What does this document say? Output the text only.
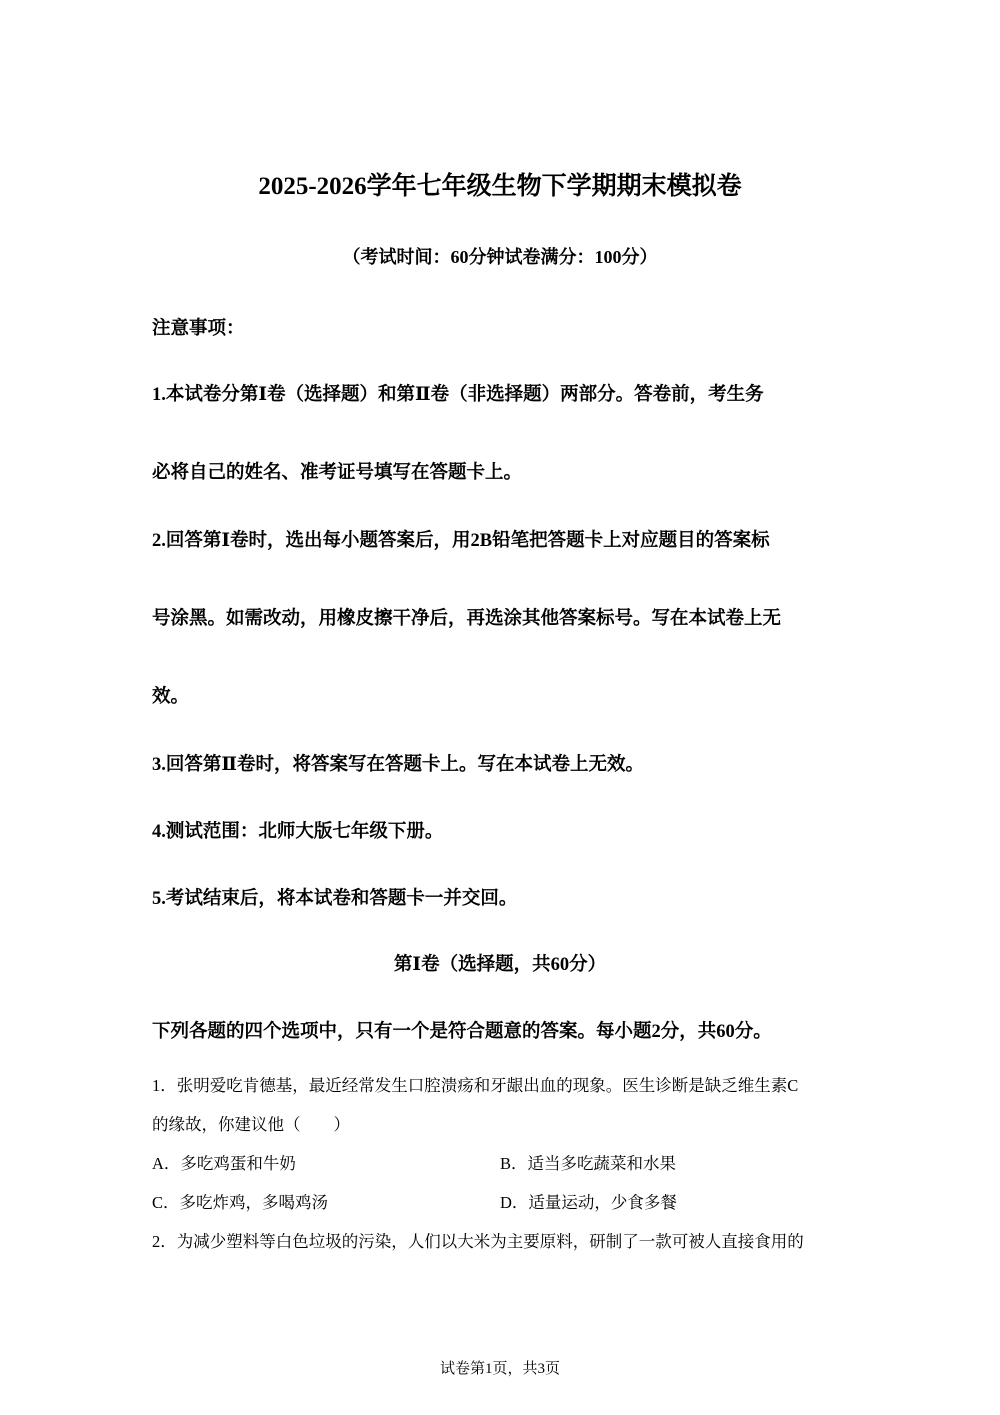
2025-2026学年七年级生物下学期期末模拟卷
（考试时间：60分钟试卷满分：100分）
注意事项：
1.本试卷分第Ⅰ卷（选择题）和第Ⅱ卷（非选择题）两部分。答卷前，考生务
必将自己的姓名、准考证号填写在答题卡上。
2.回答第Ⅰ卷时，选出每小题答案后，用2B铅笔把答题卡上对应题目的答案标
号涂黑。如需改动，用橡皮擦干净后，再选涂其他答案标号。写在本试卷上无
效。
3.回答第Ⅱ卷时，将答案写在答题卡上。写在本试卷上无效。
4.测试范围：北师大版七年级下册。
5.考试结束后，将本试卷和答题卡一并交回。
第Ⅰ卷（选择题，共60分）
下列各题的四个选项中，只有一个是符合题意的答案。每小题2分，共60分。
1．张明爱吃肯德基，最近经常发生口腔溃疡和牙龈出血的现象。医生诊断是缺乏维生素C
的缘故，你建议他（　　）
A．多吃鸡蛋和牛奶	B．适当多吃蔬菜和水果
C．多吃炸鸡，多喝鸡汤	D．适量运动，少食多餐
2．为减少塑料等白色垃圾的污染，人们以大米为主要原料，研制了一款可被人直接食用的
试卷第1页，共3页
